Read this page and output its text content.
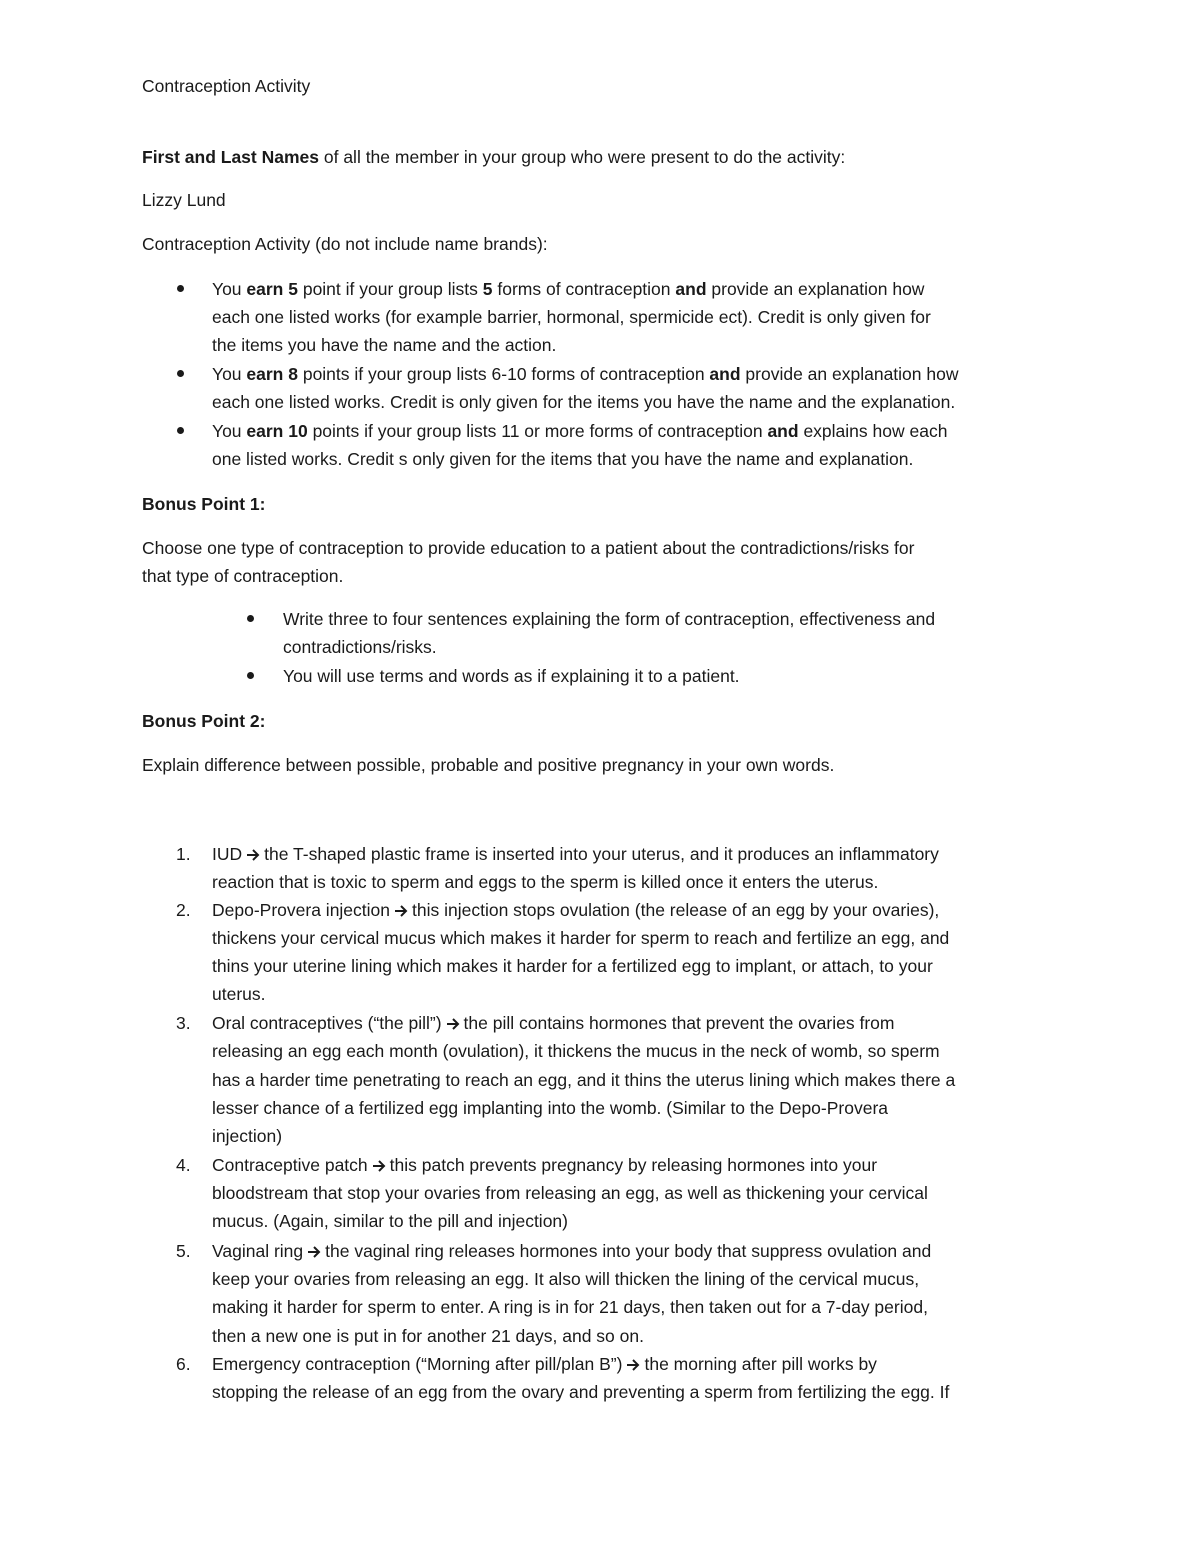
Contraception Activity
First and Last Names of all the member in your group who were present to do the activity:
Lizzy Lund
Contraception Activity (do not include name brands):
You earn 5 point if your group lists 5 forms of contraception and provide an explanation how
each one listed works (for example barrier, hormonal, spermicide ect). Credit is only given for
the items you have the name and the action.
You earn 8 points if your group lists 6-10 forms of contraception and provide an explanation how
each one listed works. Credit is only given for the items you have the name and the explanation.
You earn 10 points if your group lists 11 or more forms of contraception and explains how each
one listed works. Credit s only given for the items that you have the name and explanation.
Bonus Point 1:
Choose one type of contraception to provide education to a patient about the contradictions/risks for
that type of contraception.
Write three to four sentences explaining the form of contraception, effectiveness and
contradictions/risks.
You will use terms and words as if explaining it to a patient.
Bonus Point 2:
Explain difference between possible, probable and positive pregnancy in your own words.
1. IUD the T-shaped plastic frame is inserted into your uterus, and it produces an inflammatory
reaction that is toxic to sperm and eggs to the sperm is killed once it enters the uterus.
2. Depo-Provera injection this injection stops ovulation (the release of an egg by your ovaries),
thickens your cervical mucus which makes it harder for sperm to reach and fertilize an egg, and
thins your uterine lining which makes it harder for a fertilized egg to implant, or attach, to your
uterus.
3. Oral contraceptives (“the pill”) the pill contains hormones that prevent the ovaries from
releasing an egg each month (ovulation), it thickens the mucus in the neck of womb, so sperm
has a harder time penetrating to reach an egg, and it thins the uterus lining which makes there a
lesser chance of a fertilized egg implanting into the womb. (Similar to the Depo-Provera
injection)
4. Contraceptive patch this patch prevents pregnancy by releasing hormones into your
bloodstream that stop your ovaries from releasing an egg, as well as thickening your cervical
mucus. (Again, similar to the pill and injection)
5. Vaginal ring the vaginal ring releases hormones into your body that suppress ovulation and
keep your ovaries from releasing an egg. It also will thicken the lining of the cervical mucus,
making it harder for sperm to enter. A ring is in for 21 days, then taken out for a 7-day period,
then a new one is put in for another 21 days, and so on.
6. Emergency contraception (“Morning after pill/plan B”) the morning after pill works by
stopping the release of an egg from the ovary and preventing a sperm from fertilizing the egg. If
